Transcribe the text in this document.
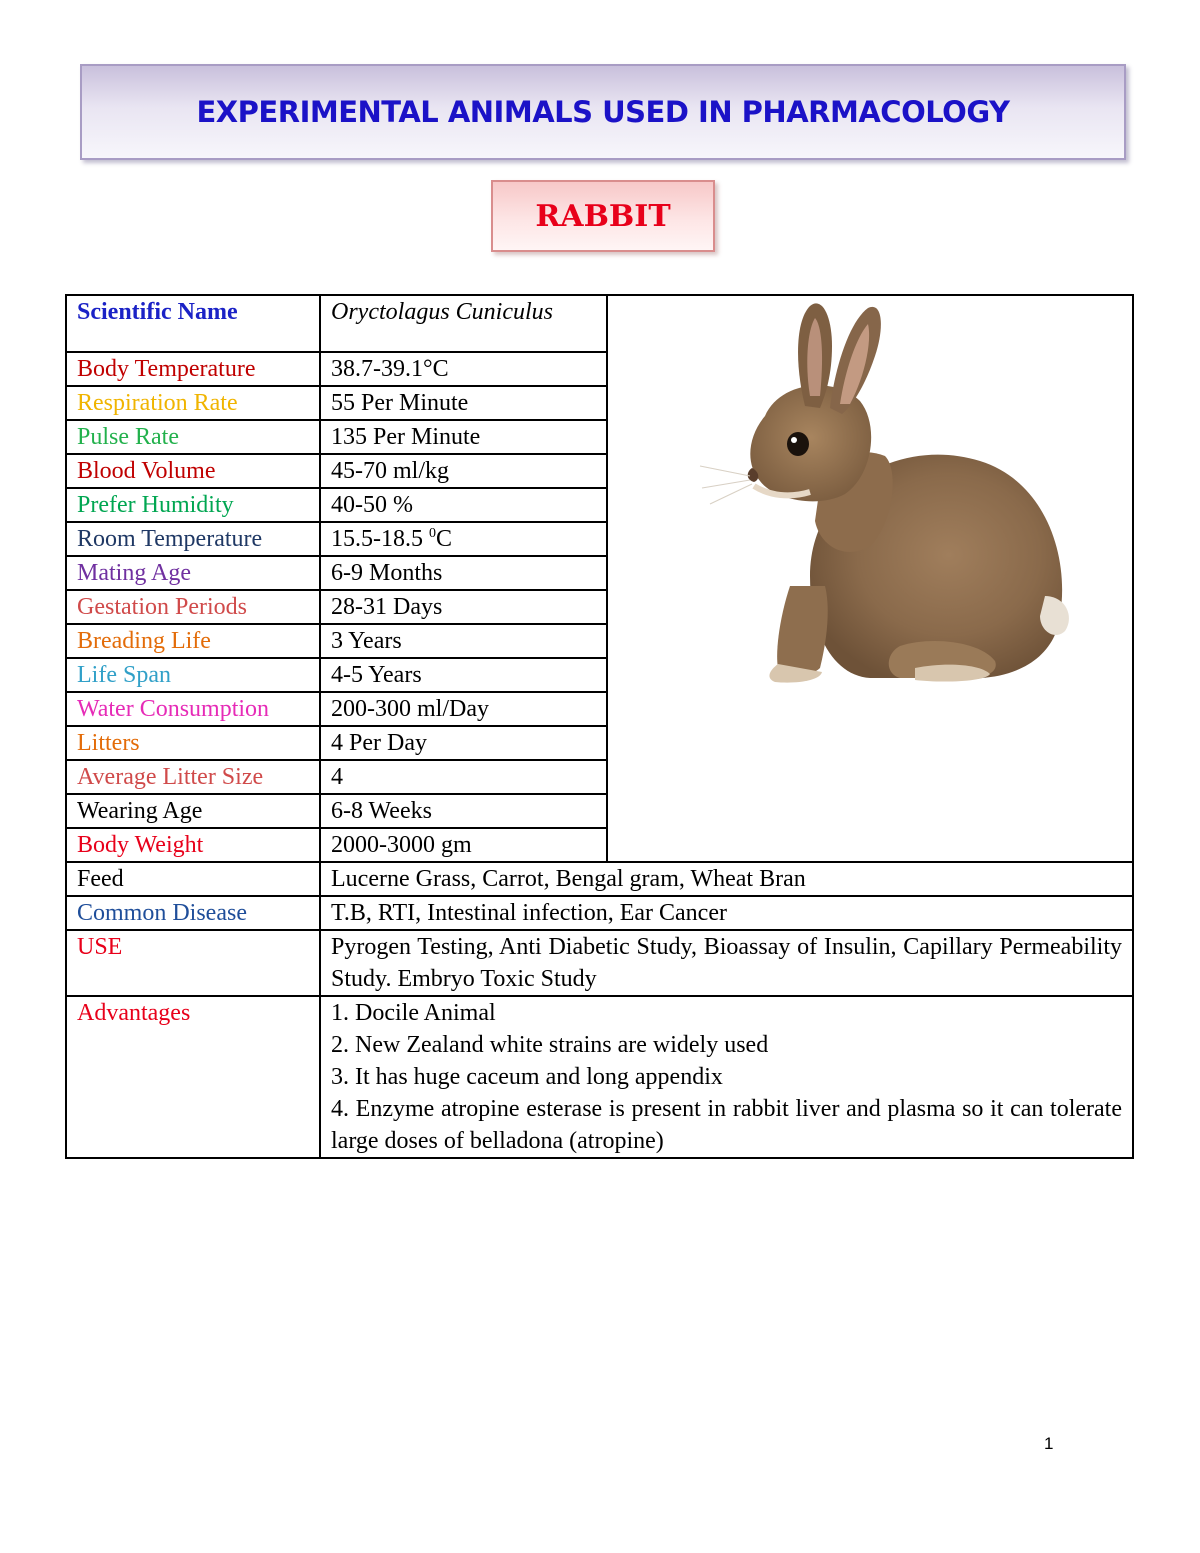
EXPERIMENTAL ANIMALS USED IN PHARMACOLOGY
RABBIT
Scientific Name	Oryctolagus Cuniculus	
Body Temperature	38.7-39.1°C	
Respiration Rate	55 Per Minute	
Pulse Rate	135 Per Minute	
Blood Volume	45-70 ml/kg	
Prefer Humidity	40-50 %	
Room Temperature	15.5-18.5 $^0$C	
Mating Age	6-9 Months	
Gestation Periods	28-31 Days	
Breading Life	3 Years	
Life Span	4-5 Years	
Water Consumption	200-300 ml/Day	
Litters	4 Per Day	
Average Litter Size	4	
Wearing Age	6-8 Weeks	
Body Weight	2000-3000 gm	
Feed	Lucerne Grass, Carrot, Bengal gram, Wheat Bran	
Common Disease	T.B, RTI, Intestinal infection, Ear Cancer	
USE	Pyrogen Testing, Anti Diabetic Study, Bioassay of Insulin, Capillary Permeability Study. Embryo Toxic Study	
Advantages	1. Docile Animal
2. New Zealand white strains are widely used
3. It has huge caceum and long appendix
4. Enzyme atropine esterase is present in rabbit liver and plasma so it can tolerate large doses of belladona (atropine)	
1
